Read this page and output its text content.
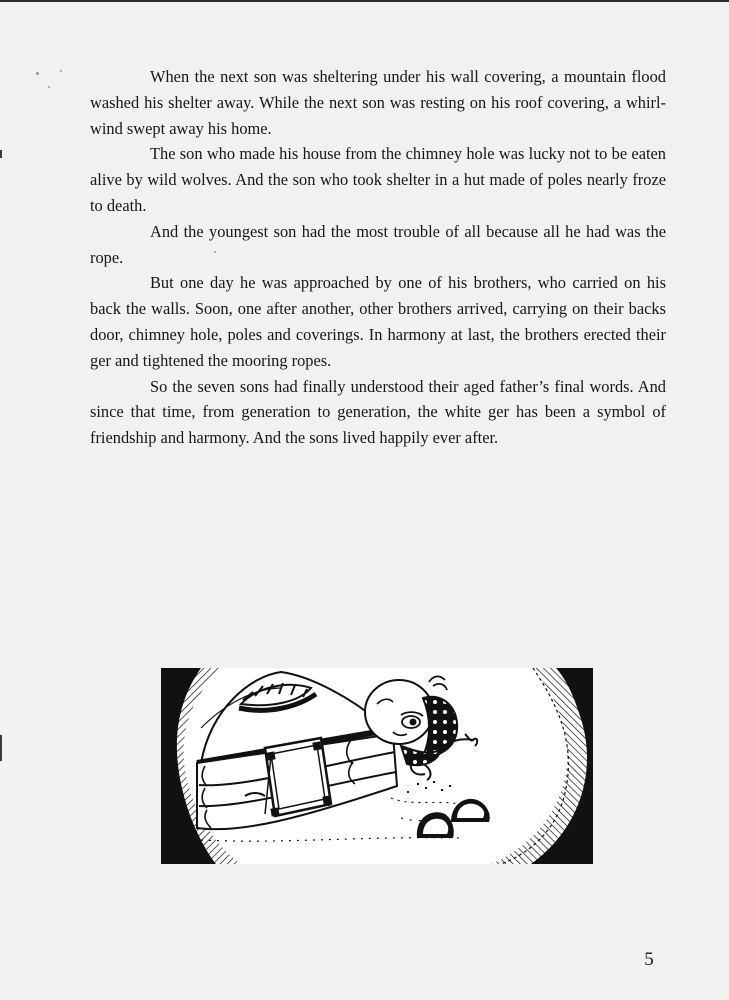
When the next son was sheltering under his wall covering, a mountain flood washed his shelter away. While the next son was resting on his roof covering, a whirl-wind swept away his home.

The son who made his house from the chimney hole was lucky not to be eaten alive by wild wolves. And the son who took shelter in a hut made of poles nearly froze to death.

And the youngest son had the most trouble of all because all he had was the rope.

But one day he was approached by one of his brothers, who carried on his back the walls. Soon, one after another, other brothers arrived, carrying on their backs door, chimney hole, poles and coverings. In harmony at last, the brothers erected their ger and tightened the mooring ropes.

So the seven sons had finally understood their aged father’s final words. And since that time, from generation to generation, the white ger has been a symbol of friendship and harmony. And the sons lived happily ever after.

5
